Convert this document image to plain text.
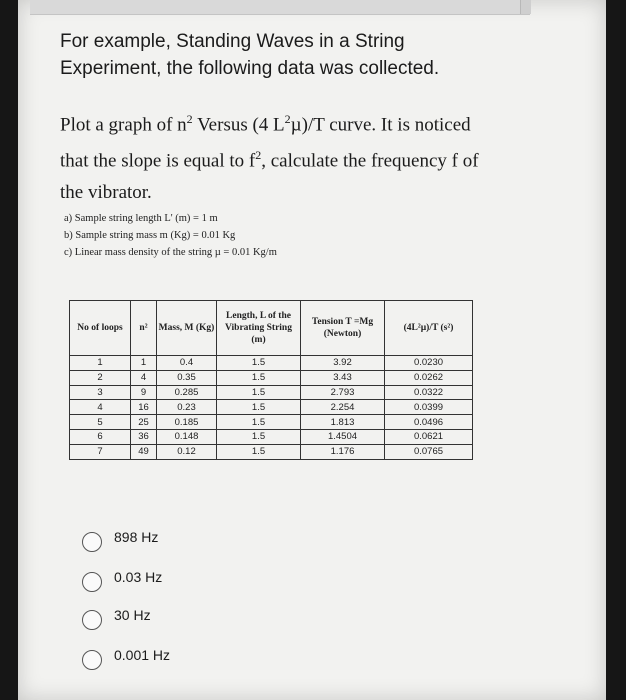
For example, Standing Waves in a String Experiment, the following data was collected.
Plot a graph of $n^2$ Versus (4 $L^2\mu)/T$ curve. It is noticed that the slope is equal to $f^2$, calculate the frequency f of the vibrator.
a) Sample string length L' (m) = 1 m
b) Sample string mass m (Kg) = 0.01 Kg
c) Linear mass density of the string µ = 0.01 Kg/m
No of loops	n²	Mass, M (Kg)	Length, L of the Vibrating String (m)	Tension T =Mg (Newton)	(4L²µ)/T (s²)
1	1	0.4	1.5	3.92	0.0230
2	4	0.35	1.5	3.43	0.0262
3	9	0.285	1.5	2.793	0.0322
4	16	0.23	1.5	2.254	0.0399
5	25	0.185	1.5	1.813	0.0496
6	36	0.148	1.5	1.4504	0.0621
7	49	0.12	1.5	1.176	0.0765
898 Hz
0.03 Hz
30 Hz
0.001 Hz
